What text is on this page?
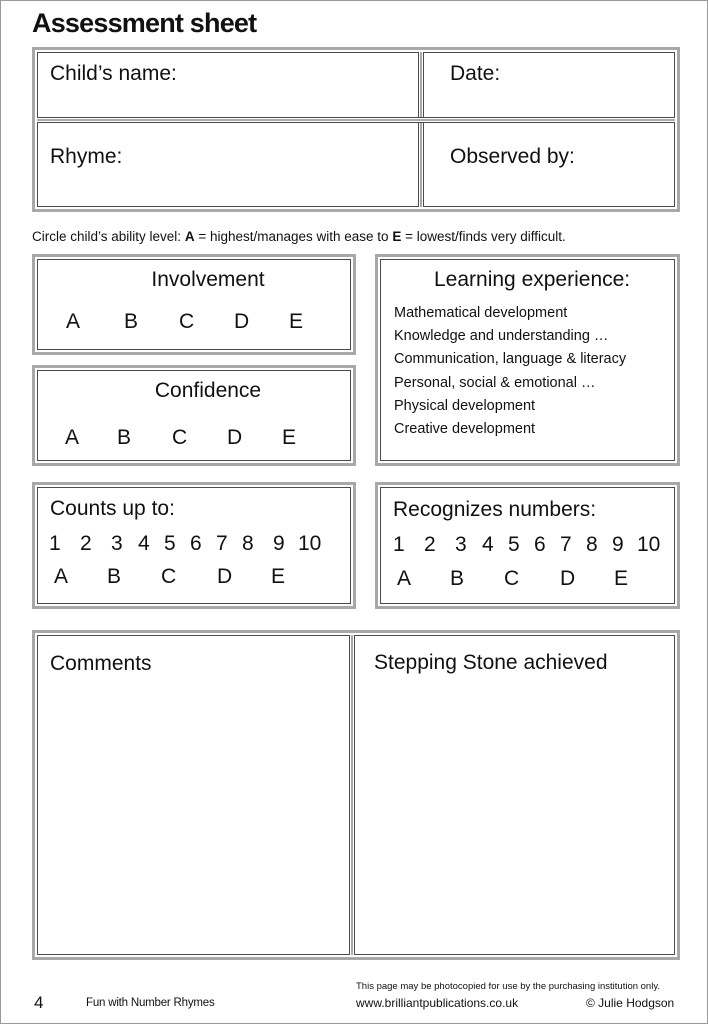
Assessment sheet
Child’s name:	Date:
Rhyme:	Observed by:
Circle child’s ability level: A = highest/manages with ease to E = lowest/finds very difficult.
Involvement
A	B	C	D	E
Confidence
A	B	C	D	E
Learning experience:
Mathematical development
Knowledge and understanding …
Communication, language & literacy
Personal, social & emotional …
Physical development
Creative development
Counts up to:
1 2 3 4 5 6 7 8 9 10
A	B	C	D	E
Recognizes numbers:
1 2 3 4 5 6 7 8 9 10
A	B	C	D	E
Comments	Stepping Stone achieved
4	Fun with Number Rhymes
This page may be photocopied for use by the purchasing institution only.
www.brilliantpublications.co.uk	© Julie Hodgson
